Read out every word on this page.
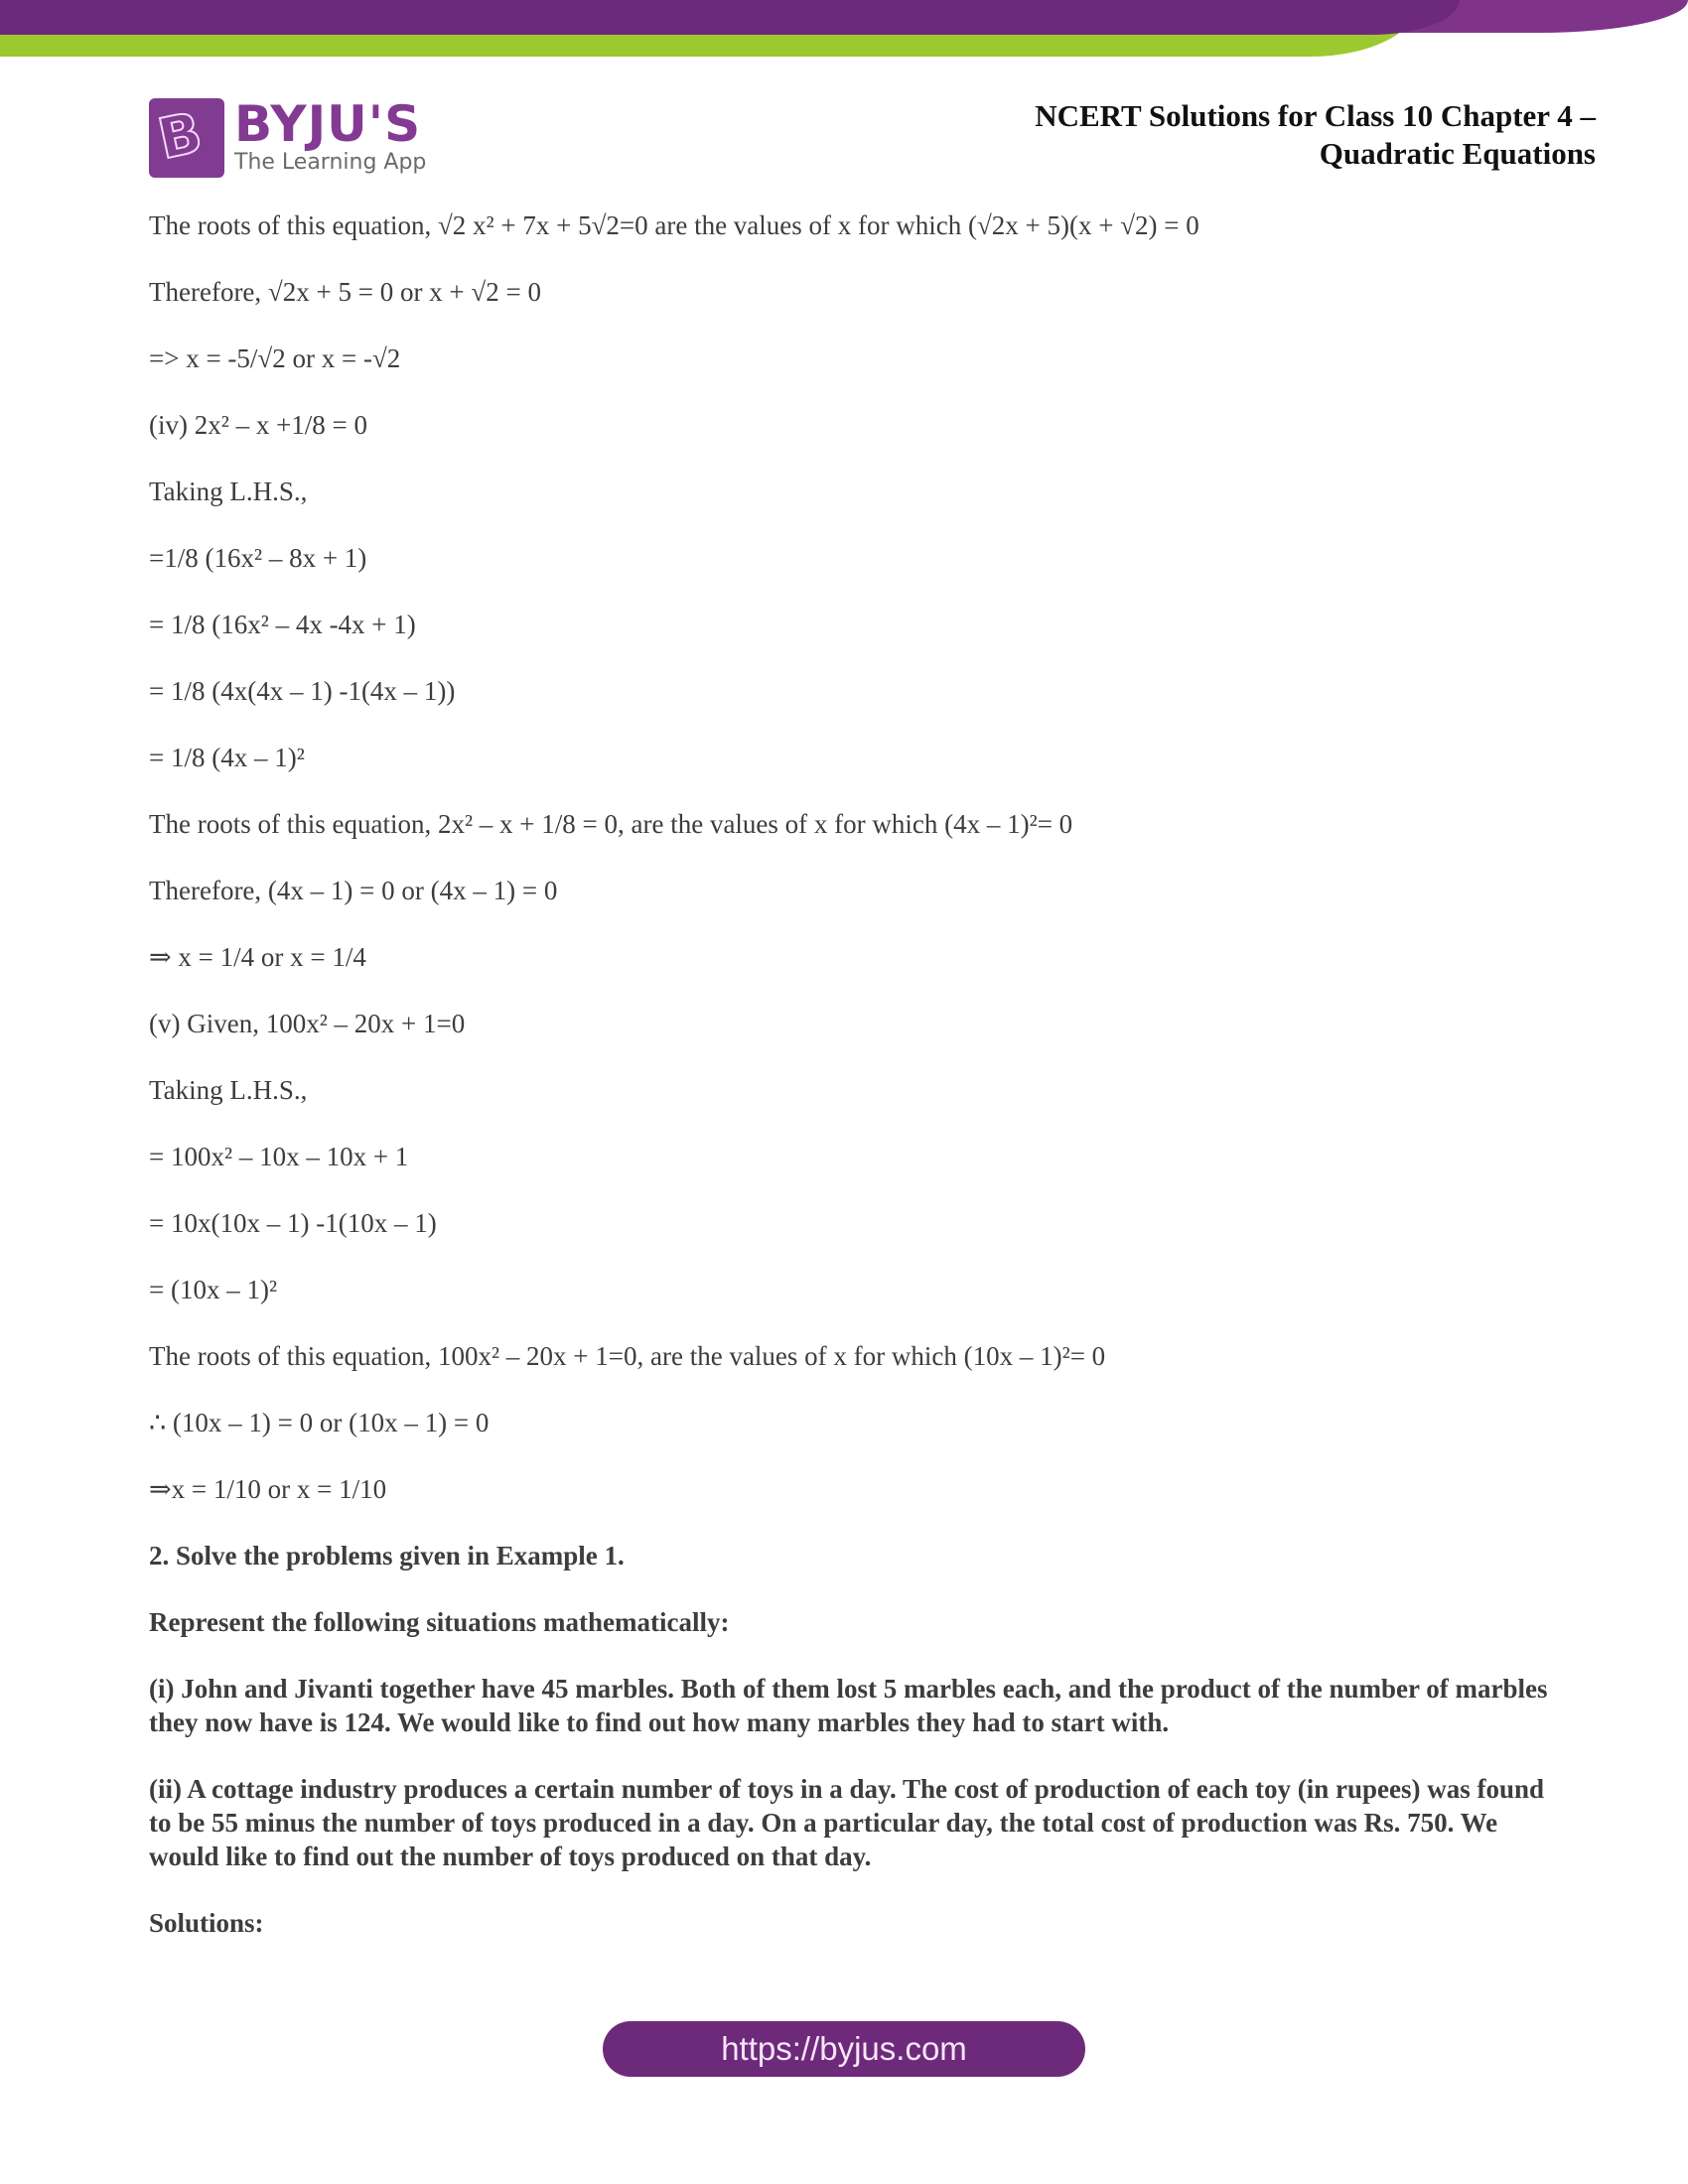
B BYJU'S
The Learning App
NCERT Solutions for Class 10 Chapter 4 –
Quadratic Equations
The roots of this equation, √2 x² + 7x + 5√2=0 are the values of x for which (√2x + 5)(x + √2) = 0
Therefore, √2x + 5 = 0 or x + √2 = 0
=> x = -5/√2 or x = -√2
(iv) 2x² – x +1/8 = 0
Taking L.H.S.,
=1/8 (16x² – 8x + 1)
= 1/8 (16x² – 4x -4x + 1)
= 1/8 (4x(4x – 1) -1(4x – 1))
= 1/8 (4x – 1)²
The roots of this equation, 2x² – x + 1/8 = 0, are the values of x for which (4x – 1)²= 0
Therefore, (4x – 1) = 0 or (4x – 1) = 0
⇒ x = 1/4 or x = 1/4
(v) Given, 100x² – 20x + 1=0
Taking L.H.S.,
= 100x² – 10x – 10x + 1
= 10x(10x – 1) -1(10x – 1)
= (10x – 1)²
The roots of this equation, 100x² – 20x + 1=0, are the values of x for which (10x – 1)²= 0
∴ (10x – 1) = 0 or (10x – 1) = 0
⇒x = 1/10 or x = 1/10
2. Solve the problems given in Example 1.
Represent the following situations mathematically:
(i) John and Jivanti together have 45 marbles. Both of them lost 5 marbles each, and the product of the number of marbles they now have is 124. We would like to find out how many marbles they had to start with.
(ii) A cottage industry produces a certain number of toys in a day. The cost of production of each toy (in rupees) was found to be 55 minus the number of toys produced in a day. On a particular day, the total cost of production was Rs. 750. We would like to find out the number of toys produced on that day.
Solutions:
https://byjus.com
